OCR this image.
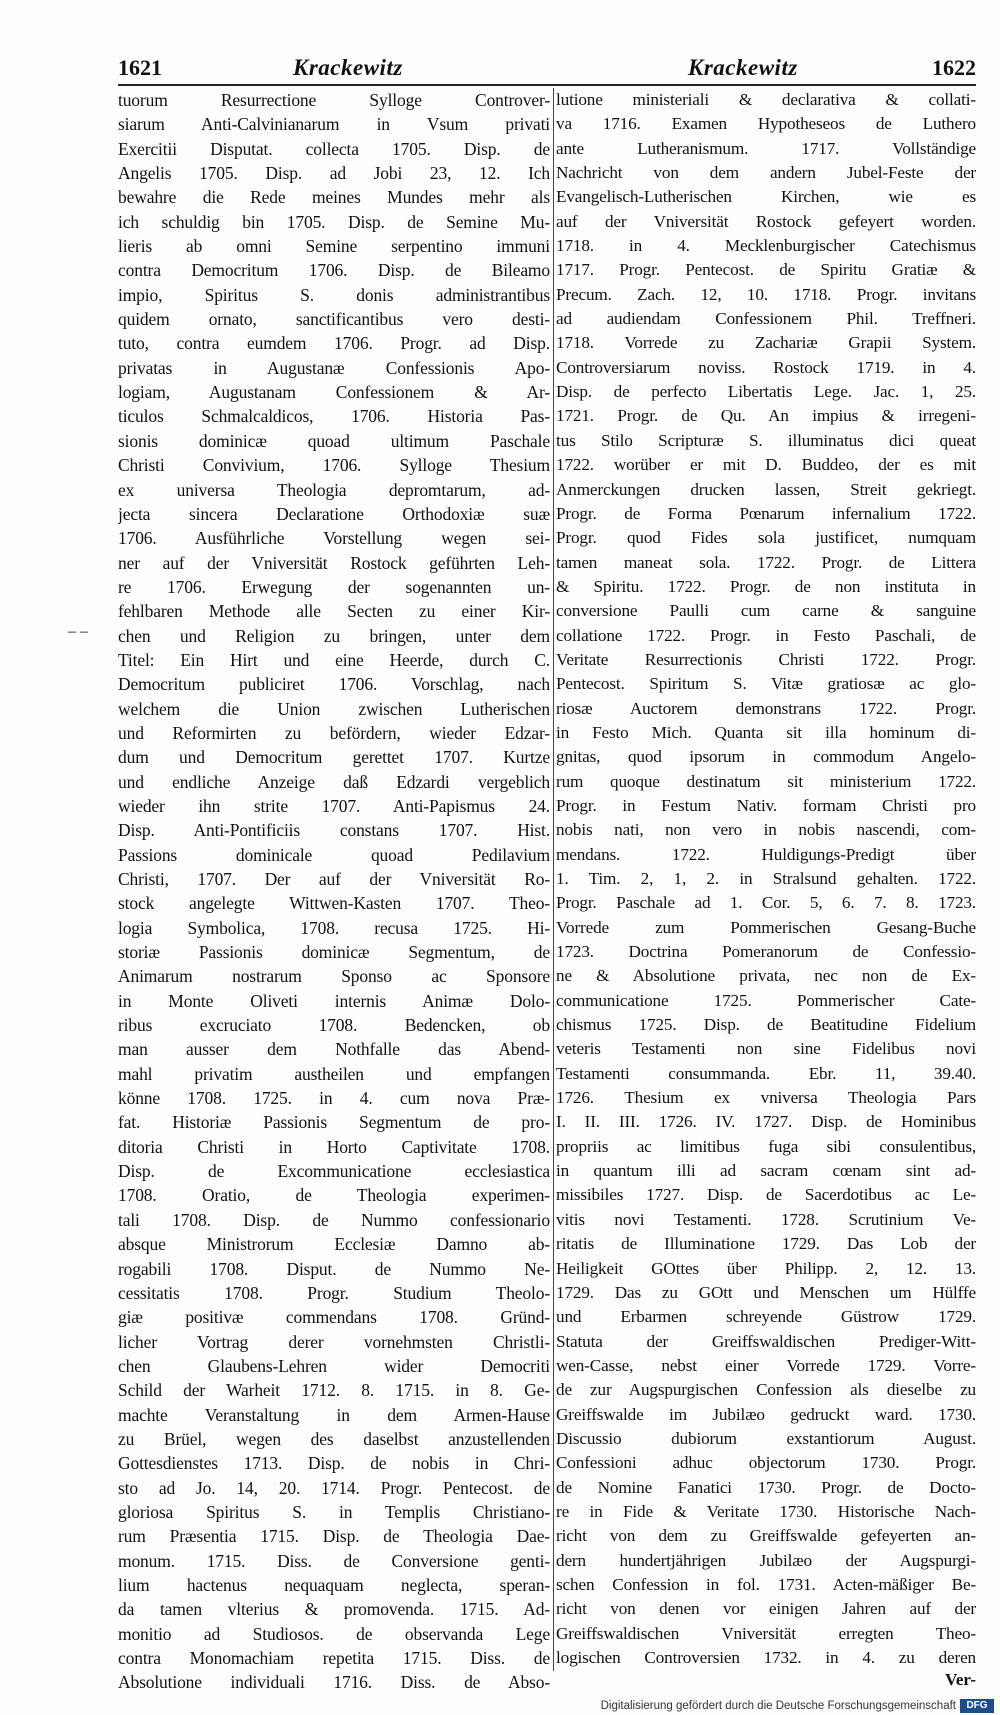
1621	Krackewitz	Krackewitz	1622
– –
tuorum Resurrectione Sylloge Controver-
siarum Anti-Calvinianarum in Vsum privati
Exercitii Disputat. collecta 1705. Disp. de
Angelis 1705. Disp. ad Jobi 23, 12. Ich
bewahre die Rede meines Mundes mehr als
ich schuldig bin 1705. Disp. de Semine Mu-
lieris ab omni Semine serpentino immuni
contra Democritum 1706. Disp. de Bileamo
impio, Spiritus S. donis administrantibus
quidem ornato, sanctificantibus vero desti-
tuto, contra eumdem 1706. Progr. ad Disp.
privatas in Augustanæ Confessionis Apo-
logiam, Augustanam Confessionem & Ar-
ticulos Schmalcaldicos, 1706. Historia Pas-
sionis dominicæ quoad ultimum Paschale
Christi Convivium, 1706. Sylloge Thesium
ex universa Theologia depromtarum, ad-
jecta sincera Declaratione Orthodoxiæ suæ
1706. Ausführliche Vorstellung wegen sei-
ner auf der Vniversität Rostock geführten Leh-
re 1706. Erwegung der sogenannten un-
fehlbaren Methode alle Secten zu einer Kir-
chen und Religion zu bringen, unter dem
Titel: Ein Hirt und eine Heerde, durch C.
Democritum publiciret 1706. Vorschlag, nach
welchem die Union zwischen Lutherischen
und Reformirten zu befördern, wieder Edzar-
dum und Democritum gerettet 1707. Kurtze
und endliche Anzeige daß Edzardi vergeblich
wieder ihn strite 1707. Anti-Papismus 24.
Disp. Anti-Pontificiis constans 1707. Hist.
Passions dominicale quoad Pedilavium
Christi, 1707. Der auf der Vniversität Ro-
stock angelegte Wittwen-Kasten 1707. Theo-
logia Symbolica, 1708. recusa 1725. Hi-
storiæ Passionis dominicæ Segmentum, de
Animarum nostrarum Sponso ac Sponsore
in Monte Oliveti internis Animæ Dolo-
ribus excruciato 1708. Bedencken, ob
man ausser dem Nothfalle das Abend-
mahl privatim austheilen und empfangen
könne 1708. 1725. in 4. cum nova Præ-
fat. Historiæ Passionis Segmentum de pro-
ditoria Christi in Horto Captivitate 1708.
Disp. de Excommunicatione ecclesiastica
1708. Oratio, de Theologia experimen-
tali 1708. Disp. de Nummo confessionario
absque Ministrorum Ecclesiæ Damno ab-
rogabili 1708. Disput. de Nummo Ne-
cessitatis 1708. Progr. Studium Theolo-
giæ positivæ commendans 1708. Gründ-
licher Vortrag derer vornehmsten Christli-
chen Glaubens-Lehren wider Democriti
Schild der Warheit 1712. 8. 1715. in 8. Ge-
machte Veranstaltung in dem Armen-Hause
zu Brüel, wegen des daselbst anzustellenden
Gottesdienstes 1713. Disp. de nobis in Chri-
sto ad Jo. 14, 20. 1714. Progr. Pentecost. de
gloriosa Spiritus S. in Templis Christiano-
rum Præsentia 1715. Disp. de Theologia Dae-
monum. 1715. Diss. de Conversione genti-
lium hactenus nequaquam neglecta, speran-
da tamen vlterius & promovenda. 1715. Ad-
monitio ad Studiosos. de observanda Lege
contra Monomachiam repetita 1715. Diss. de
Absolutione individuali 1716. Diss. de Abso-
lutione ministeriali & declarativa & collati-
va 1716. Examen Hypotheseos de Luthero
ante Lutheranismum. 1717. Vollständige
Nachricht von dem andern Jubel-Feste der
Evangelisch-Lutherischen Kirchen, wie es
auf der Vniversität Rostock gefeyert worden.
1718. in 4. Mecklenburgischer Catechismus
1717. Progr. Pentecost. de Spiritu Gratiæ &
Precum. Zach. 12, 10. 1718. Progr. invitans
ad audiendam Confessionem Phil. Treffneri.
1718. Vorrede zu Zachariæ Grapii System.
Controversiarum noviss. Rostock 1719. in 4.
Disp. de perfecto Libertatis Lege. Jac. 1, 25.
1721. Progr. de Qu. An impius & irregeni-
tus Stilo Scripturæ S. illuminatus dici queat
1722. worüber er mit D. Buddeo, der es mit
Anmerckungen drucken lassen, Streit gekriegt.
Progr. de Forma Pœnarum infernalium 1722.
Progr. quod Fides sola justificet, numquam
tamen maneat sola. 1722. Progr. de Littera
& Spiritu. 1722. Progr. de non instituta in
conversione Paulli cum carne & sanguine
collatione 1722. Progr. in Festo Paschali, de
Veritate Resurrectionis Christi 1722. Progr.
Pentecost. Spiritum S. Vitæ gratiosæ ac glo-
riosæ Auctorem demonstrans 1722. Progr.
in Festo Mich. Quanta sit illa hominum di-
gnitas, quod ipsorum in commodum Angelo-
rum quoque destinatum sit ministerium 1722.
Progr. in Festum Nativ. formam Christi pro
nobis nati, non vero in nobis nascendi, com-
mendans. 1722. Huldigungs-Predigt über
1. Tim. 2, 1, 2. in Stralsund gehalten. 1722.
Progr. Paschale ad 1. Cor. 5, 6. 7. 8. 1723.
Vorrede zum Pommerischen Gesang-Buche
1723. Doctrina Pomeranorum de Confessio-
ne & Absolutione privata, nec non de Ex-
communicatione 1725. Pommerischer Cate-
chismus 1725. Disp. de Beatitudine Fidelium
veteris Testamenti non sine Fidelibus novi
Testamenti consummanda. Ebr. 11, 39.40.
1726. Thesium ex vniversa Theologia Pars
I. II. III. 1726. IV. 1727. Disp. de Hominibus
propriis ac limitibus fuga sibi consulentibus,
in quantum illi ad sacram cœnam sint ad-
missibiles 1727. Disp. de Sacerdotibus ac Le-
vitis novi Testamenti. 1728. Scrutinium Ve-
ritatis de Illuminatione 1729. Das Lob der
Heiligkeit GOttes über Philipp. 2, 12. 13.
1729. Das zu GOtt und Menschen um Hülffe
und Erbarmen schreyende Güstrow 1729.
Statuta der Greiffswaldischen Prediger-Witt-
wen-Casse, nebst einer Vorrede 1729. Vorre-
de zur Augspurgischen Confession als dieselbe zu
Greiffswalde im Jubilæo gedruckt ward. 1730.
Discussio dubiorum exstantiorum August.
Confessioni adhuc objectorum 1730. Progr.
de Nomine Fanatici 1730. Progr. de Docto-
re in Fide & Veritate 1730. Historische Nach-
richt von dem zu Greiffswalde gefeyerten an-
dern hundertjährigen Jubilæo der Augspurgi-
schen Confession in fol. 1731. Acten-mäßiger Be-
richt von denen vor einigen Jahren auf der
Greiffswaldischen Vniversität erregten Theo-
logischen Controversien 1732. in 4. zu deren
Ver-
Digitalisierung gefördert durch die Deutsche Forschungsgemeinschaft	DFG
